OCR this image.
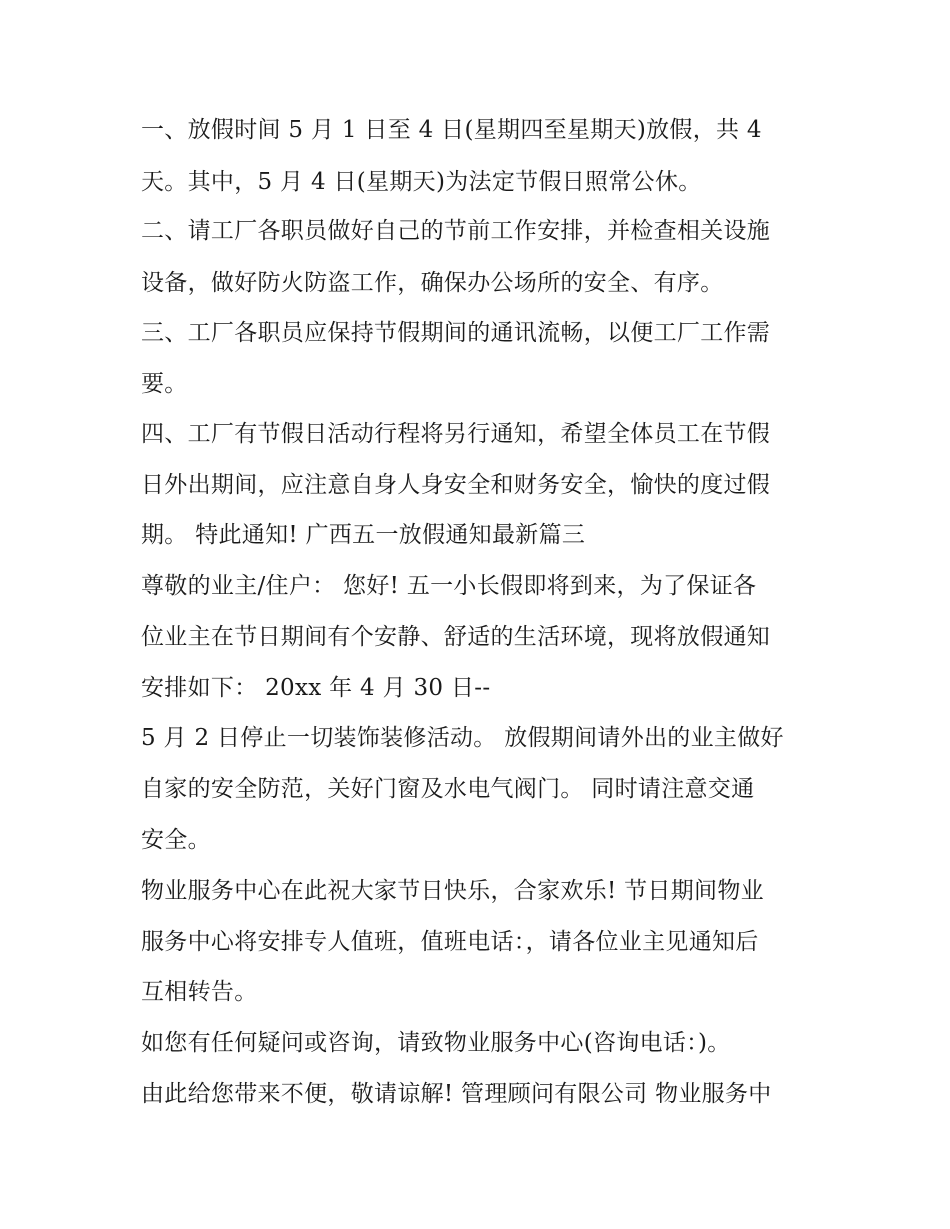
一、放假时间 5 月 1 日至 4 日(星期四至星期天)放假，共 4
天。其中，5 月 4 日(星期天)为法定节假日照常公休。
二、请工厂各职员做好自己的节前工作安排，并检查相关设施
设备，做好防火防盗工作，确保办公场所的安全、有序。
三、工厂各职员应保持节假期间的通讯流畅，以便工厂工作需
要。
四、工厂有节假日活动行程将另行通知，希望全体员工在节假
日外出期间，应注意自身人身安全和财务安全，愉快的度过假
期。 特此通知! 广西五一放假通知最新篇三
尊敬的业主/住户： 您好! 五一小长假即将到来，为了保证各
位业主在节日期间有个安静、舒适的生活环境，现将放假通知
安排如下： 20xx 年 4 月 30 日--
5 月 2 日停止一切装饰装修活动。 放假期间请外出的业主做好
自家的安全防范，关好门窗及水电气阀门。 同时请注意交通
安全。
物业服务中心在此祝大家节日快乐，合家欢乐! 节日期间物业
服务中心将安排专人值班，值班电话：，请各位业主见通知后
互相转告。
如您有任何疑问或咨询，请致物业服务中心(咨询电话：)。
由此给您带来不便，敬请谅解! 管理顾问有限公司 物业服务中
